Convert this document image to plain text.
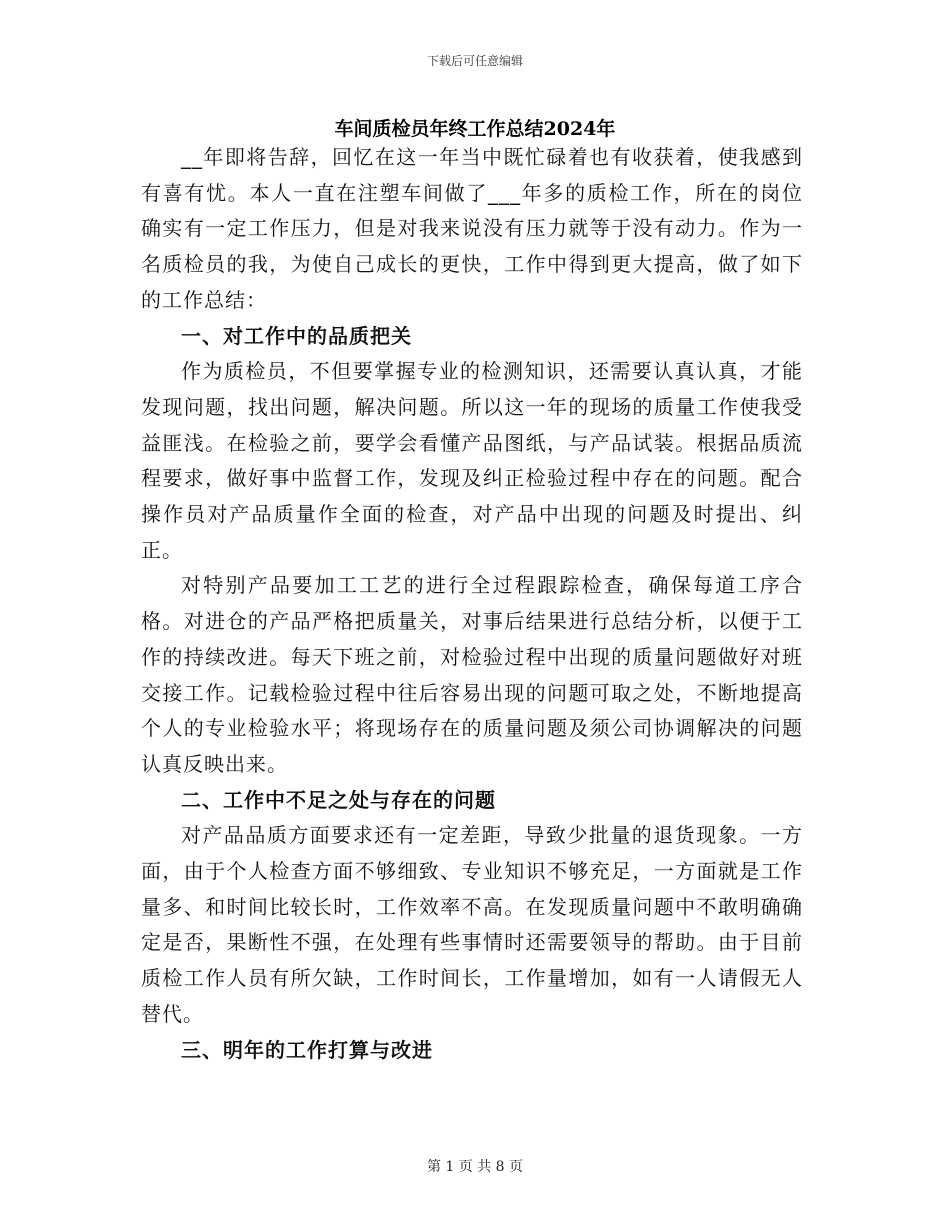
下载后可任意编辑
车间质检员年终工作总结2024年

__年即将告辞，回忆在这一年当中既忙碌着也有收获着，使我感到有喜有忧。本人一直在注塑车间做了___年多的质检工作，所在的岗位确实有一定工作压力，但是对我来说没有压力就等于没有动力。作为一名质检员的我，为使自己成长的更快，工作中得到更大提高，做了如下的工作总结：

一、对工作中的品质把关

作为质检员，不但要掌握专业的检测知识，还需要认真认真，才能发现问题，找出问题，解决问题。所以这一年的现场的质量工作使我受益匪浅。在检验之前，要学会看懂产品图纸，与产品试装。根据品质流程要求，做好事中监督工作，发现及纠正检验过程中存在的问题。配合操作员对产品质量作全面的检查，对产品中出现的问题及时提出、纠正。

对特别产品要加工工艺的进行全过程跟踪检查，确保每道工序合格。对进仓的产品严格把质量关，对事后结果进行总结分析，以便于工作的持续改进。每天下班之前，对检验过程中出现的质量问题做好对班交接工作。记载检验过程中往后容易出现的问题可取之处，不断地提高个人的专业检验水平；将现场存在的质量问题及须公司协调解决的问题认真反映出来。

二、工作中不足之处与存在的问题

对产品品质方面要求还有一定差距，导致少批量的退货现象。一方面，由于个人检查方面不够细致、专业知识不够充足，一方面就是工作量多、和时间比较长时，工作效率不高。在发现质量问题中不敢明确确定是否，果断性不强，在处理有些事情时还需要领导的帮助。由于目前质检工作人员有所欠缺，工作时间长，工作量增加，如有一人请假无人替代。

三、明年的工作打算与改进

第 1 页 共 8 页
